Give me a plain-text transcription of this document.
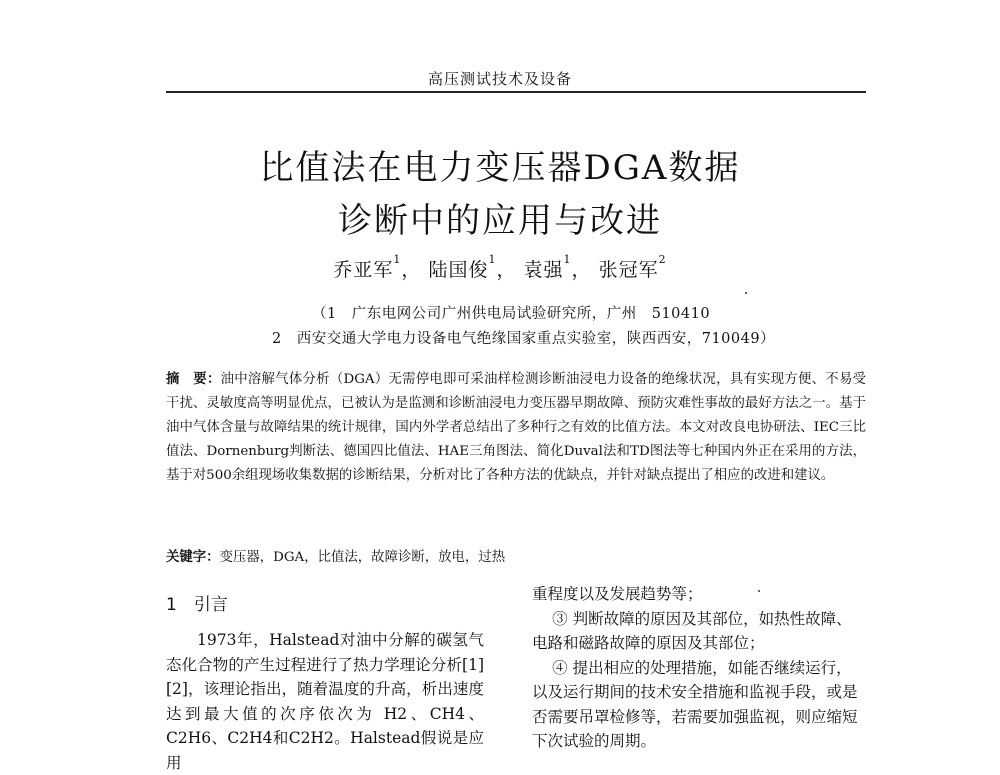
高压测试技术及设备
比值法在电力变压器DGA数据
诊断中的应用与改进
乔亚军$^1$， 陆国俊$^1$， 袁强$^1$， 张冠军$^2$
（1　广东电网公司广州供电局试验研究所，广州　510410
2　西安交通大学电力设备电气绝缘国家重点实验室，陕西西安，710049）
摘　要：油中溶解气体分析（DGA）无需停电即可采油样检测诊断油浸电力设备的绝缘状况，具有实现方便、不易受干扰、灵敏度高等明显优点，已被认为是监测和诊断油浸电力变压器早期故障、预防灾难性事故的最好方法之一。基于油中气体含量与故障结果的统计规律，国内外学者总结出了多种行之有效的比值方法。本文对改良电协研法、IEC三比值法、Dornenburg判断法、德国四比值法、HAE三角图法、简化Duval法和TD图法等七种国内外正在采用的方法，基于对500余组现场收集数据的诊断结果，分析对比了各种方法的优缺点，并针对缺点提出了相应的改进和建议。
关键字：变压器，DGA，比值法，故障诊断，放电，过热
1　引言

1973年，Halstead对油中分解的碳氢气态化合物的产生过程进行了热力学理论分析[1][2]，该理论指出，随着温度的升高，析出速度达到最大值的次序依次为 H2、CH4、C2H6、C2H4和C2H2。Halstead假说是应用

重程度以及发展趋势等；

③ 判断故障的原因及其部位，如热性故障、电路和磁路故障的原因及其部位；

④ 提出相应的处理措施，如能否继续运行，以及运行期间的技术安全措施和监视手段，或是否需要吊罩检修等，若需要加强监视，则应缩短下次试验的周期。
